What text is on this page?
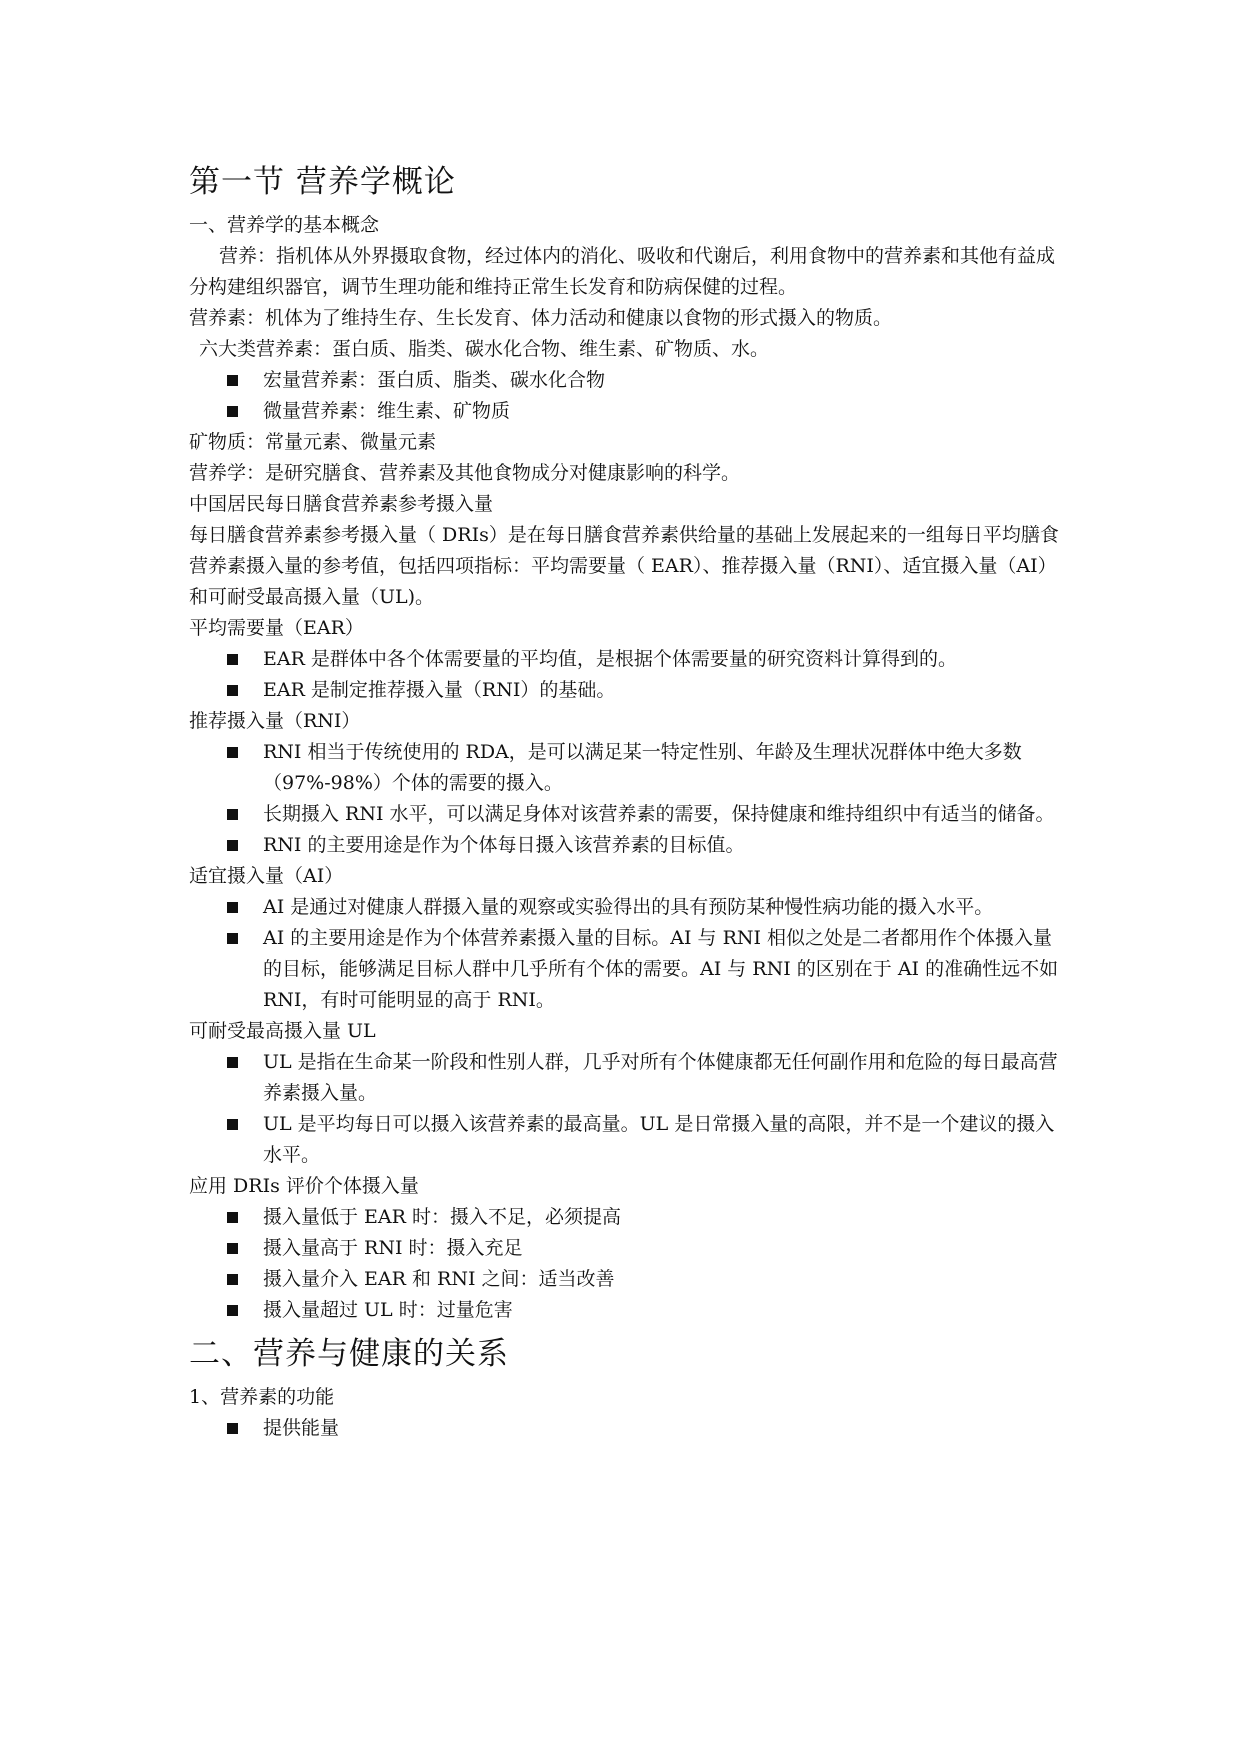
第一节 营养学概论

一、营养学的基本概念

营养：指机体从外界摄取食物，经过体内的消化、吸收和代谢后，利用食物中的营养素和其他有益成分构建组织器官，调节生理功能和维持正常生长发育和防病保健的过程。

营养素：机体为了维持生存、生长发育、体力活动和健康以食物的形式摄入的物质。

六大类营养素：蛋白质、脂类、碳水化合物、维生素、矿物质、水。

宏量营养素：蛋白质、脂类、碳水化合物
微量营养素：维生素、矿物质

矿物质：常量元素、微量元素

营养学：是研究膳食、营养素及其他食物成分对健康影响的科学。

中国居民每日膳食营养素参考摄入量

每日膳食营养素参考摄入量（ DRIs）是在每日膳食营养素供给量的基础上发展起来的一组每日平均膳食营养素摄入量的参考值，包括四项指标：平均需要量（ EAR）、推荐摄入量（RNI）、适宜摄入量（AI）和可耐受最高摄入量（UL)。

平均需要量（EAR）

EAR 是群体中各个体需要量的平均值，是根据个体需要量的研究资料计算得到的。
EAR 是制定推荐摄入量（RNI）的基础。

推荐摄入量（RNI）

RNI 相当于传统使用的 RDA，是可以满足某一特定性别、年龄及生理状况群体中绝大多数（97%-98%）个体的需要的摄入。
长期摄入 RNI 水平，可以满足身体对该营养素的需要，保持健康和维持组织中有适当的储备。
RNI 的主要用途是作为个体每日摄入该营养素的目标值。

适宜摄入量（AI）

AI 是通过对健康人群摄入量的观察或实验得出的具有预防某种慢性病功能的摄入水平。
AI 的主要用途是作为个体营养素摄入量的目标。AI 与 RNI 相似之处是二者都用作个体摄入量的目标，能够满足目标人群中几乎所有个体的需要。AI 与 RNI 的区别在于 AI 的准确性远不如 RNI，有时可能明显的高于 RNI。

可耐受最高摄入量 UL

UL 是指在生命某一阶段和性别人群，几乎对所有个体健康都无任何副作用和危险的每日最高营养素摄入量。
UL 是平均每日可以摄入该营养素的最高量。UL 是日常摄入量的高限，并不是一个建议的摄入水平。

应用 DRIs 评价个体摄入量

摄入量低于 EAR 时：摄入不足，必须提高
摄入量高于 RNI 时：摄入充足
摄入量介入 EAR 和 RNI 之间：适当改善
摄入量超过 UL 时：过量危害
二、营养与健康的关系

1、营养素的功能

提供能量
